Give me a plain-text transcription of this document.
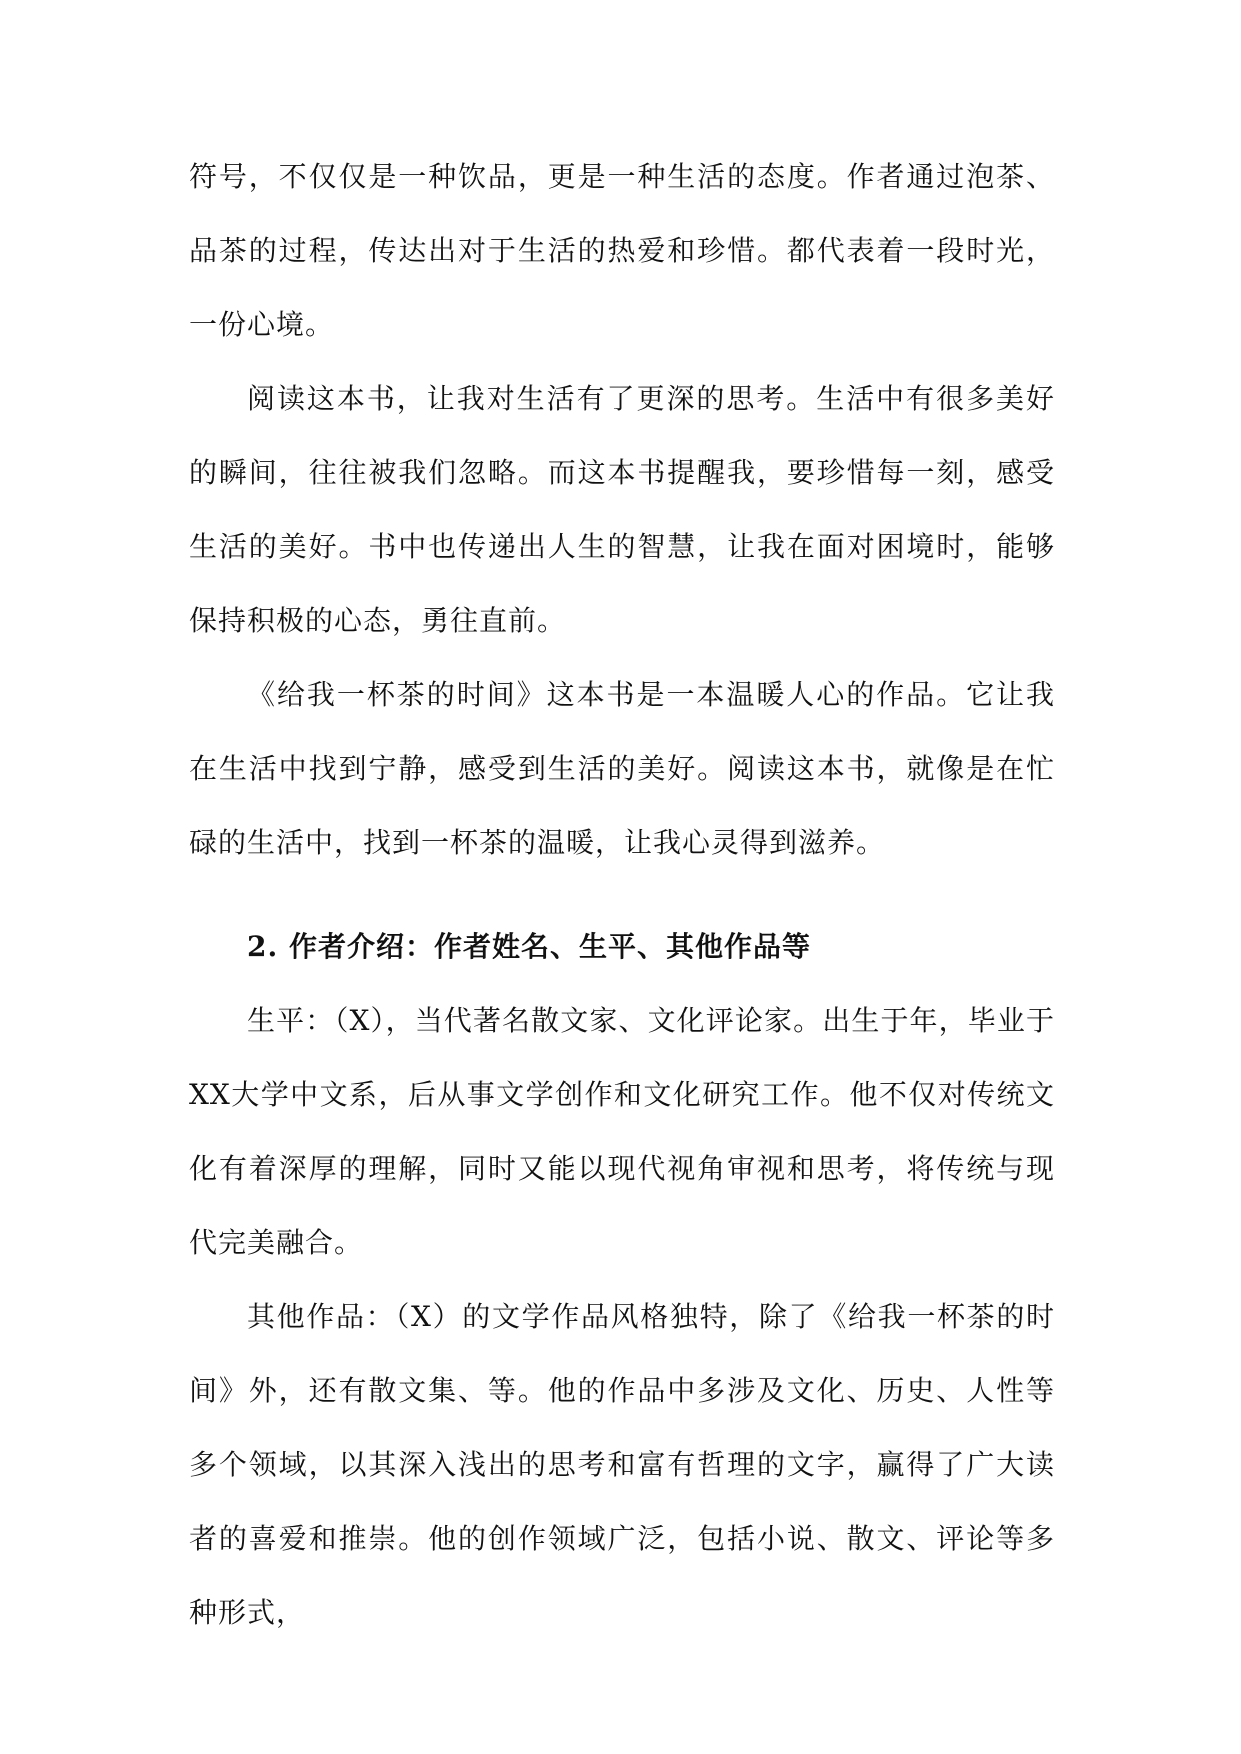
符号，不仅仅是一种饮品，更是一种生活的态度。作者通过泡茶、品茶的过程，传达出对于生活的热爱和珍惜。都代表着一段时光，一份心境。

阅读这本书，让我对生活有了更深的思考。生活中有很多美好的瞬间，往往被我们忽略。而这本书提醒我，要珍惜每一刻，感受生活的美好。书中也传递出人生的智慧，让我在面对困境时，能够保持积极的心态，勇往直前。

《给我一杯茶的时间》这本书是一本温暖人心的作品。它让我在生活中找到宁静，感受到生活的美好。阅读这本书，就像是在忙碌的生活中，找到一杯茶的温暖，让我心灵得到滋养。

2. 作者介绍：作者姓名、生平、其他作品等

生平：（X），当代著名散文家、文化评论家。出生于年，毕业于XX大学中文系，后从事文学创作和文化研究工作。他不仅对传统文化有着深厚的理解，同时又能以现代视角审视和思考，将传统与现代完美融合。

其他作品：（X）的文学作品风格独特，除了《给我一杯茶的时间》外，还有散文集、等。他的作品中多涉及文化、历史、人性等多个领域，以其深入浅出的思考和富有哲理的文字，赢得了广大读者的喜爱和推崇。他的创作领域广泛，包括小说、散文、评论等多种形式，
